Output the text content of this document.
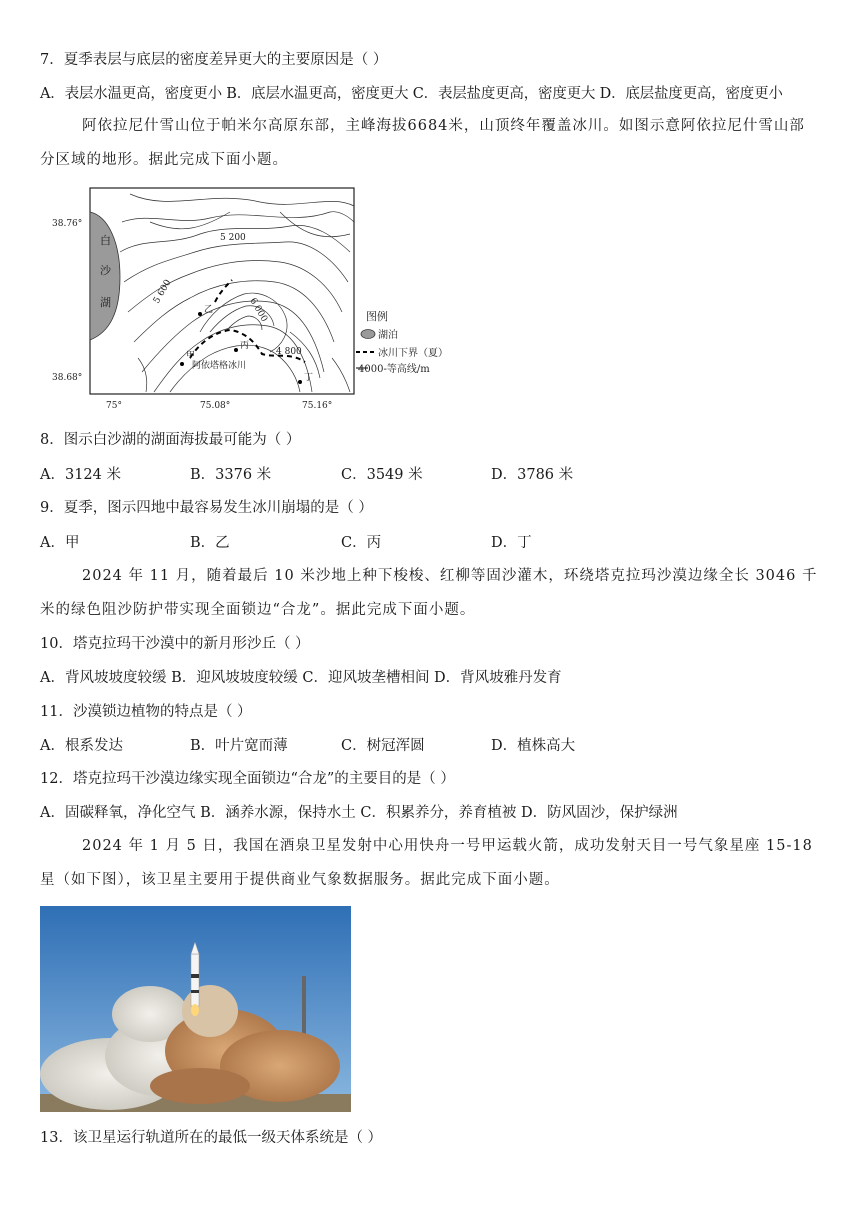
7．夏季表层与底层的密度差异更大的主要原因是（ ）
A．表层水温更高，密度更小 B．底层水温更高，密度更大 C．表层盐度更高，密度更大 D．底层盐度更高，密度更小
阿依拉尼什雪山位于帕米尔高原东部，主峰海拔6684米，山顶终年覆盖冰川。如图示意阿依拉尼什雪山部分区域的地形。据此完成下面小题。
白
沙
湖
5 200
5 600
6 000
4 800
甲
乙
丙
丁
阿依塔格冰川
38.76°
38.68°
75°	75.08°	75.16°
图例
湖泊
冰川下界（夏）
4000-等高线/m
8．图示白沙湖的湖面海拔最可能为（ ）
A．3124 米	B．3376 米	C．3549 米	D．3786 米
9．夏季，图示四地中最容易发生冰川崩塌的是（ ）
A．甲	B．乙	C．丙	D．丁
2024 年 11 月，随着最后 10 米沙地上种下梭梭、红柳等固沙灌木，环绕塔克拉玛沙漠边缘全长 3046 千米的绿色阻沙防护带实现全面锁边“合龙”。据此完成下面小题。
10．塔克拉玛干沙漠中的新月形沙丘（ ）
A．背风坡坡度较缓 B．迎风坡坡度较缓 C．迎风坡垄槽相间 D．背风坡雅丹发育
11．沙漠锁边植物的特点是（ ）
A．根系发达	B．叶片宽而薄	C．树冠浑圆	D．植株高大
12．塔克拉玛干沙漠边缘实现全面锁边“合龙”的主要目的是（ ）
A．固碳释氧，净化空气 B．涵养水源，保持水土 C．积累养分，养育植被 D．防风固沙，保护绿洲
2024 年 1 月 5 日，我国在酒泉卫星发射中心用快舟一号甲运载火箭，成功发射天目一号气象星座 15-18 星（如下图），该卫星主要用于提供商业气象数据服务。据此完成下面小题。
13．该卫星运行轨道所在的最低一级天体系统是（ ）
